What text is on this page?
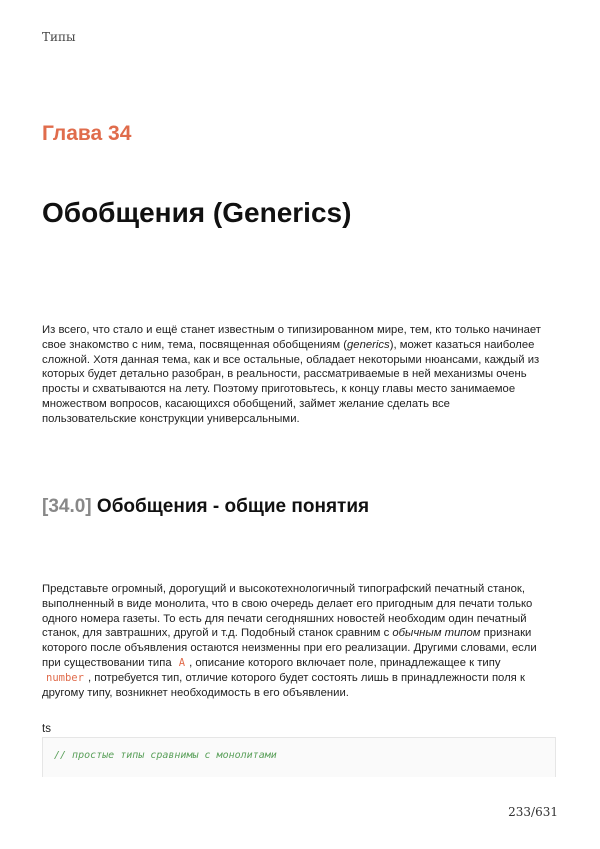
Типы
Глава 34
Обобщения (Generics)

Из всего, что стало и ещё станет известным о типизированном мире, тем, кто только начинает свое знакомство с ним, тема, посвященная обобщениям (generics), может казаться наиболее сложной. Хотя данная тема, как и все остальные, обладает некоторыми нюансами, каждый из которых будет детально разобран, в реальности, рассматриваемые в ней механизмы очень просты и схватываются на лету. Поэтому приготовьтесь, к концу главы место занимаемое множеством вопросов, касающихся обобщений, займет желание сделать все пользовательские конструкции универсальными.

[34.0] Обобщения - общие понятия

Представьте огромный, дорогущий и высокотехнологичный типографский печатный станок, выполненный в виде монолита, что в свою очередь делает его пригодным для печати только одного номера газеты. То есть для печати сегодняшних новостей необходим один печатный станок, для завтрашних, другой и т.д. Подобный станок сравним с обычным типом признаки которого после объявления остаются неизменны при его реализации. Другими словами, если при существовании типа A , описание которого включает поле, принадлежащее к типу number , потребуется тип, отличие которого будет состоять лишь в принадлежности поля к другому типу, возникнет необходимость в его объявлении.

ts
// простые типы сравнимы с монолитами
233/631
